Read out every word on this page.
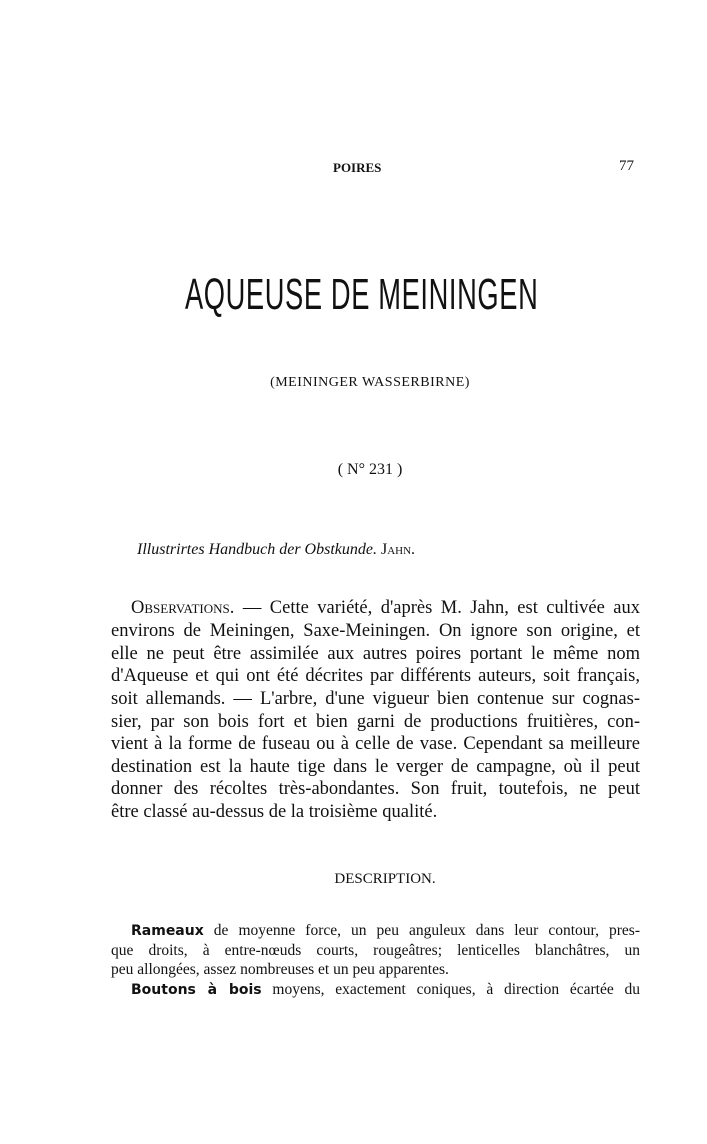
POIRES	77
AQUEUSE DE MEININGEN
(MEININGER WASSERBIRNE)
( N° 231 )
Illustrirtes Handbuch der Obstkunde. Jahn.
Observations. — Cette variété, d'après M. Jahn, est cultivée aux
environs de Meiningen, Saxe-Meiningen. On ignore son origine, et
elle ne peut être assimilée aux autres poires portant le même nom
d'Aqueuse et qui ont été décrites par différents auteurs, soit français,
soit allemands. — L'arbre, d'une vigueur bien contenue sur cognas-
sier, par son bois fort et bien garni de productions fruitières, con-
vient à la forme de fuseau ou à celle de vase. Cependant sa meilleure
destination est la haute tige dans le verger de campagne, où il peut
donner des récoltes très-abondantes. Son fruit, toutefois, ne peut
être classé au-dessus de la troisième qualité.
DESCRIPTION.
Rameaux de moyenne force, un peu anguleux dans leur contour, pres-
que droits, à entre-nœuds courts, rougeâtres; lenticelles blanchâtres, un
peu allongées, assez nombreuses et un peu apparentes.
Boutons à bois moyens, exactement coniques, à direction écartée du
